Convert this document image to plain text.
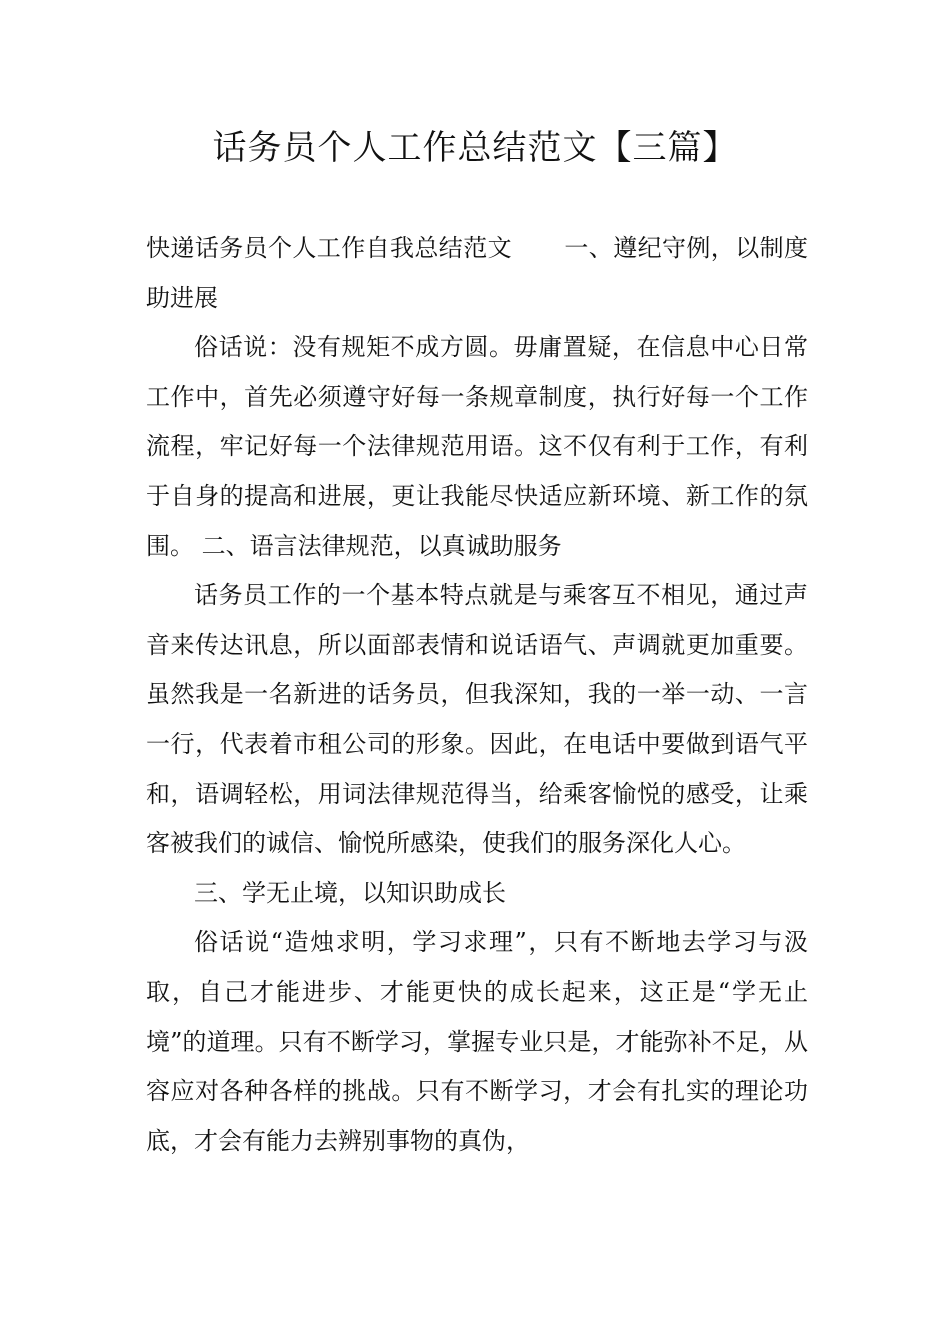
话务员个人工作总结范文【三篇】

快递话务员个人工作自我总结范文 一、遵纪守例，以制度助进展

俗话说：没有规矩不成方圆。毋庸置疑，在信息中心日常工作中，首先必须遵守好每一条规章制度，执行好每一个工作流程，牢记好每一个法律规范用语。这不仅有利于工作，有利于自身的提高和进展，更让我能尽快适应新环境、新工作的氛围。 二、语言法律规范，以真诚助服务

话务员工作的一个基本特点就是与乘客互不相见，通过声音来传达讯息，所以面部表情和说话语气、声调就更加重要。虽然我是一名新进的话务员，但我深知，我的一举一动、一言一行，代表着市租公司的形象。因此，在电话中要做到语气平和，语调轻松，用词法律规范得当，给乘客愉悦的感受，让乘客被我们的诚信、愉悦所感染，使我们的服务深化人心。

三、学无止境，以知识助成长

俗话说“造烛求明，学习求理”，只有不断地去学习与汲取，自己才能进步、才能更快的成长起来，这正是“学无止境”的道理。只有不断学习，掌握专业只是，才能弥补不足，从容应对各种各样的挑战。只有不断学习，才会有扎实的理论功底，才会有能力去辨别事物的真伪，
